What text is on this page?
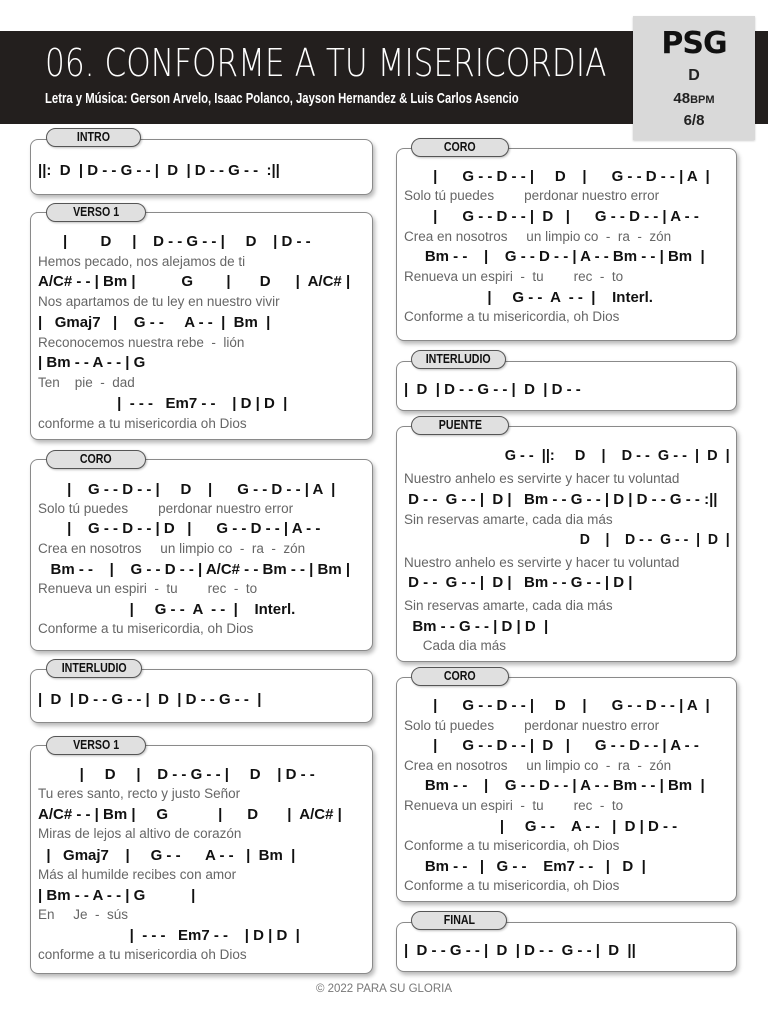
06. CONFORME A TU MISERICORDIA
Letra y Música: Gerson Arvelo, Isaac Polanco, Jayson Hernandez & Luis Carlos Asencio
PSG
D
48BPM
6/8
||:  D  | D - - G - - |  D  | D - - G - -  :||
INTRO
|        D     |    D - - G - - |     D    | D - -
Hemos pecado, nos alejamos de ti
A/C# - - | Bm |           G        |       D      |  A/C# |
Nos apartamos de tu ley en nuestro vivir
|   Gmaj7   |    G - -     A - -  |  Bm  |
Reconocemos nuestra rebe  -  lión
| Bm - - A - - | G
Ten    pie  -  dad
|  - - -   Em7 - -    | D | D  |
conforme a tu misericordia oh Dios
VERSO 1
|    G - - D - - |     D    |      G - - D - - | A  |
Solo tú puedes        perdonar nuestro error
|    G - - D - - | D   |      G - - D - - | A - -
Crea en nosotros     un limpio co  -  ra  -  zón
Bm - -    |    G - - D - - | A/C# - - Bm - - | Bm |
Renueva un espiri  -  tu        rec  -  to
|     G - -  A  - -  |    Interl.
Conforme a tu misericordia, oh Dios
CORO
|  D  | D - - G - - |  D  | D - - G - -  |
INTERLUDIO
|     D     |    D - - G - - |     D    | D - -
Tu eres santo, recto y justo Señor
A/C# - - | Bm |     G            |      D       |  A/C# |
Miras de lejos al altivo de corazón
|   Gmaj7    |     G - -      A - -   |  Bm  |
Más al humilde recibes con amor
| Bm - - A - - | G           |
En     Je  -  sús
|  - - -   Em7 - -    | D | D  |
conforme a tu misericordia oh Dios
VERSO 1
|      G - - D - - |     D    |      G - - D - - | A  |
Solo tú puedes        perdonar nuestro error
|      G - - D - - |  D   |      G - - D - - | A - -
Crea en nosotros     un limpio co  -  ra  -  zón
Bm - -    |    G - - D - - | A - - Bm - - | Bm  |
Renueva un espiri  -  tu        rec  -  to
|     G - -  A  - -  |    Interl.
Conforme a tu misericordia, oh Dios
CORO
|  D  | D - - G - - |  D  | D - -
INTERLUDIO
G - -  ||:     D    |    D - -  G - -  |  D  |
Nuestro anhelo es servirte y hacer tu voluntad
D - -  G - - |  D |   Bm - - G - - | D | D - - G - - :||
Sin reservas amarte, cada dia más
D    |    D - -  G - -  |  D  |
Nuestro anhelo es servirte y hacer tu voluntad
D - -  G - - |  D |   Bm - - G - - | D |
Sin reservas amarte, cada dia más
Bm - - G - - | D | D  |
Cada dia más
PUENTE
|      G - - D - - |     D    |      G - - D - - | A  |
Solo tú puedes        perdonar nuestro error
|      G - - D - - |  D   |      G - - D - - | A - -
Crea en nosotros     un limpio co  -  ra  -  zón
Bm - -    |    G - - D - - | A - - Bm - - | Bm  |
Renueva un espiri  -  tu        rec  -  to
|     G - -    A - -   |  D | D - -
Conforme a tu misericordia, oh Dios
Bm - -   |   G - -    Em7 - -   |   D  |
Conforme a tu misericordia, oh Dios
CORO
|  D - - G - - |  D  | D - -  G - - |  D  ||
FINAL
© 2022 PARA SU GLORIA
